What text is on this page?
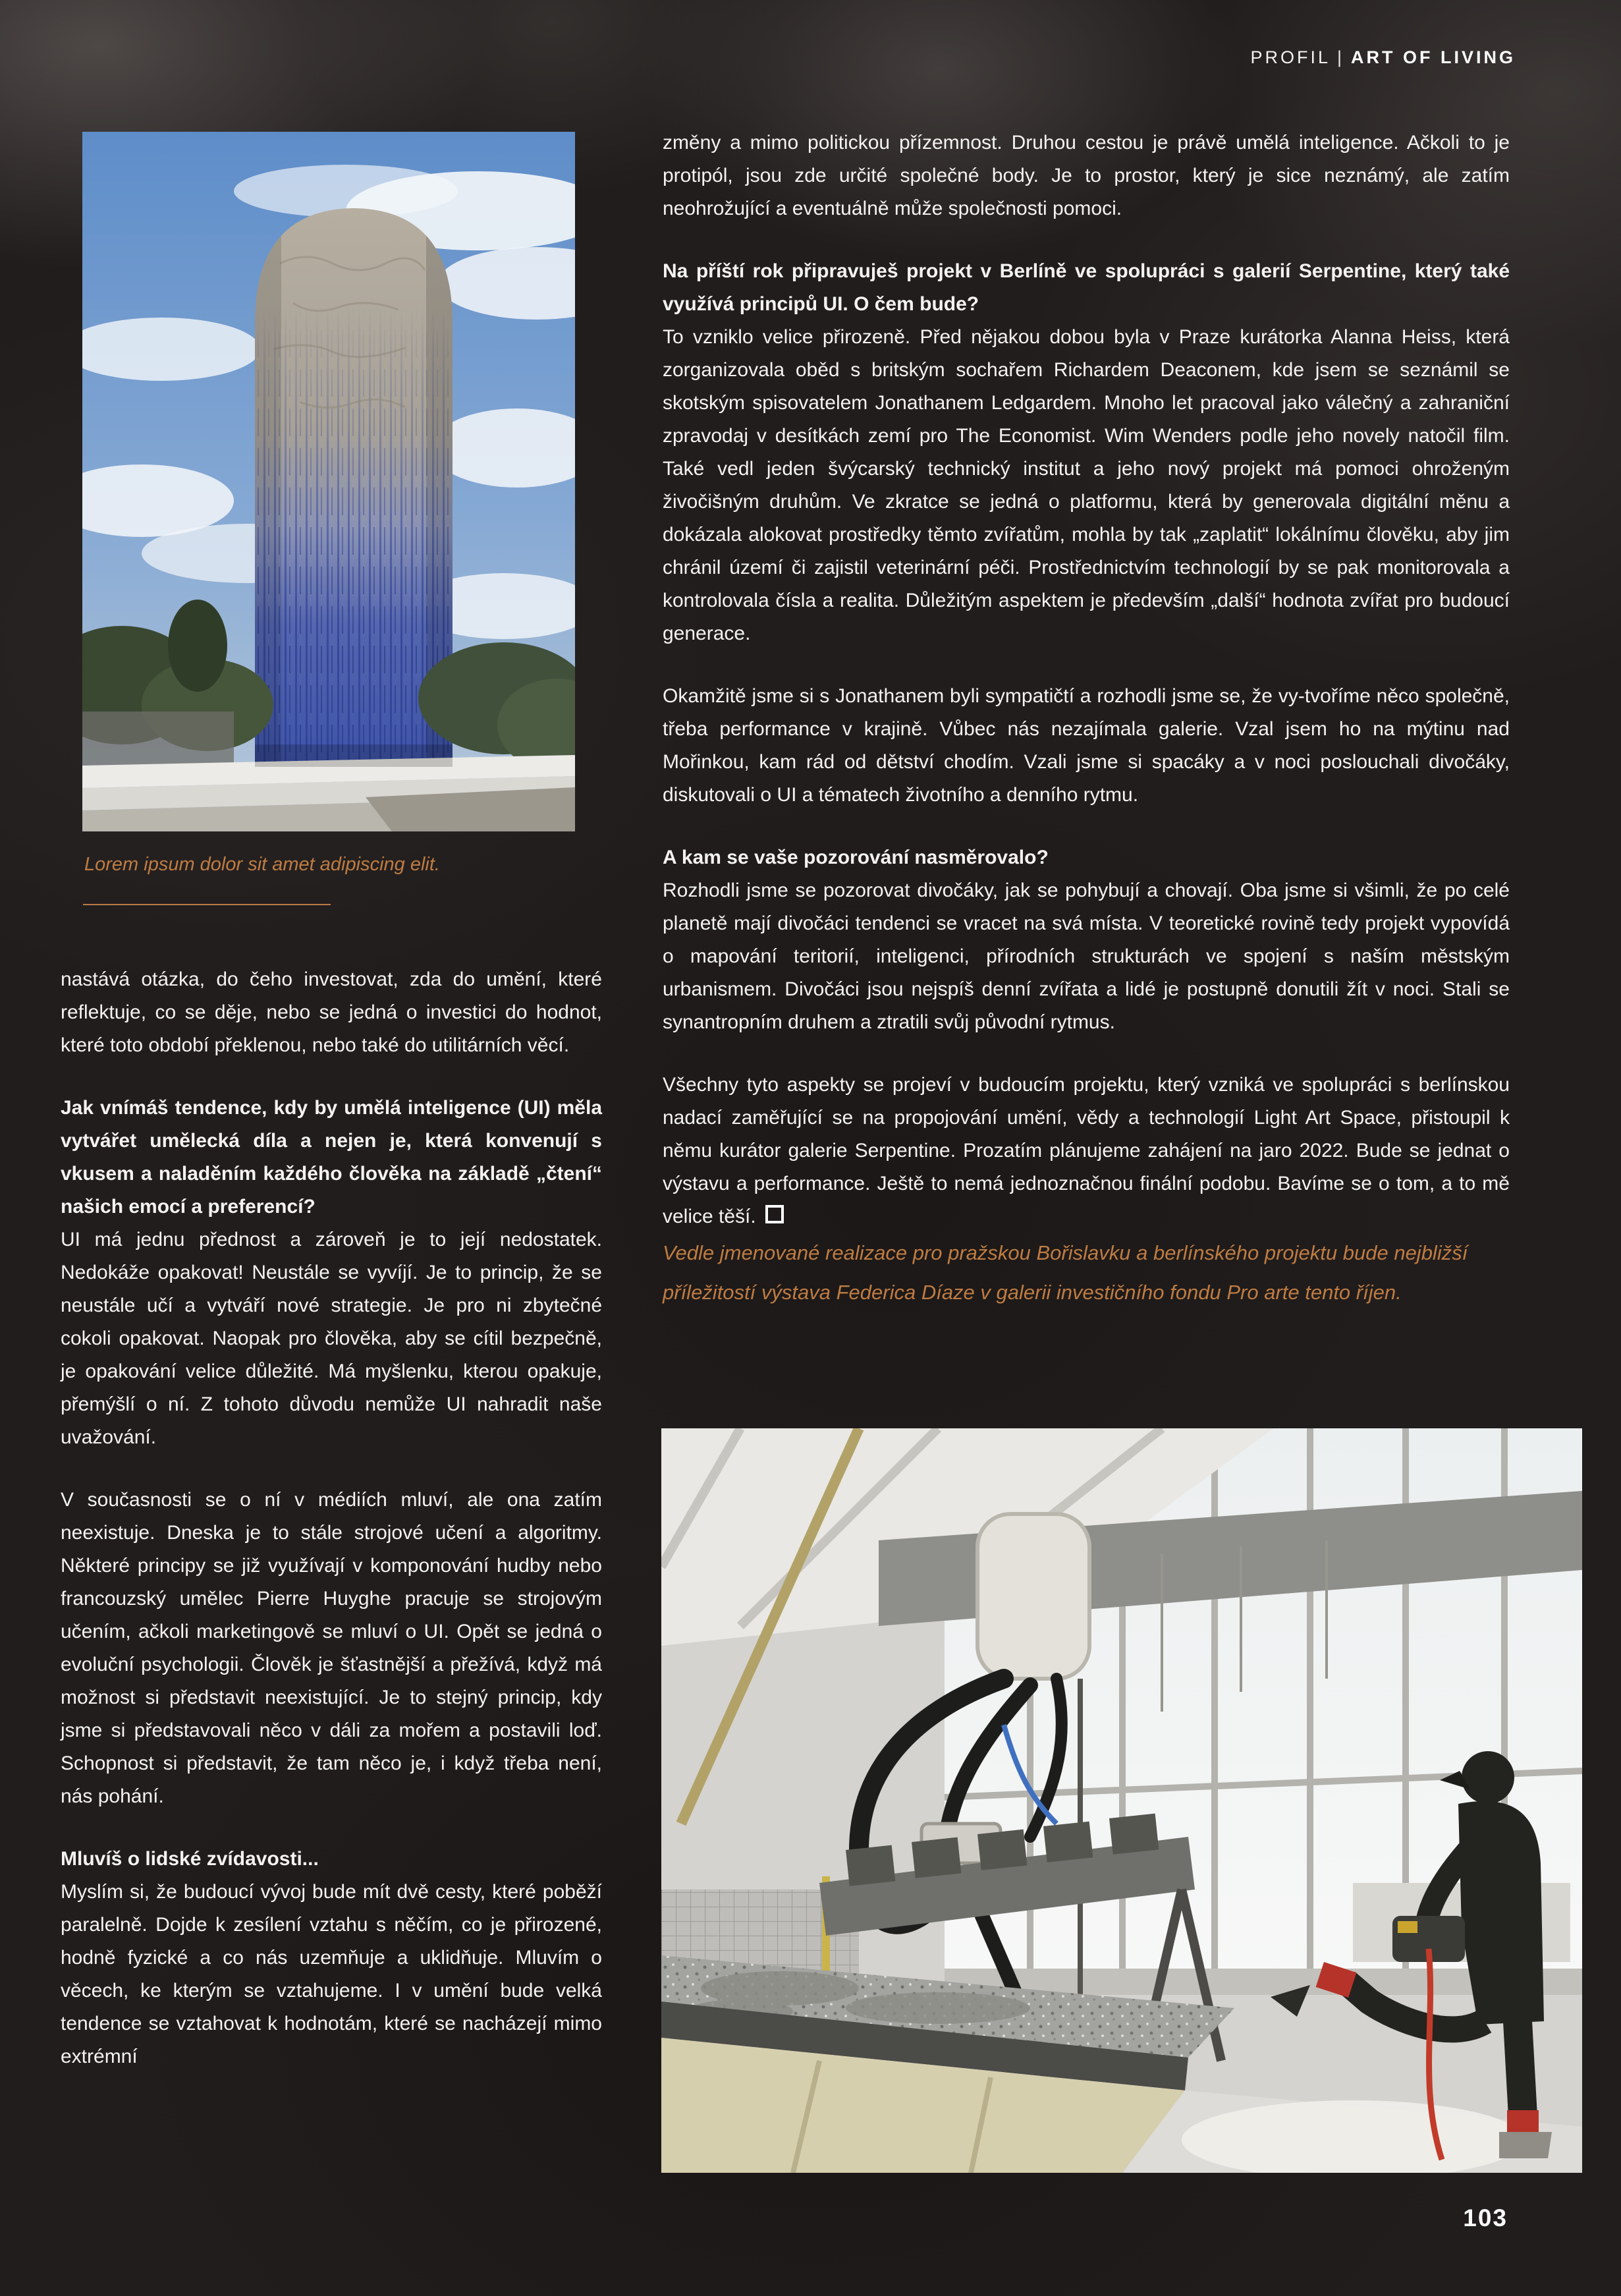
PROFIL | ART OF LIVING
Lorem ipsum dolor sit amet adipiscing elit.

nastává otázka, do čeho investovat, zda do umění, které reflektuje, co se děje, nebo se jedná o investici do hodnot, které toto období překlenou, nebo také do utilitárních věcí.

Jak vnímáš tendence, kdy by umělá inteligence (UI) měla vytvářet umělecká díla a nejen je, která konvenují s vkusem a naladěním každého člověka na základě „čtení“ našich emocí a preferencí?

UI má jednu přednost a zároveň je to její nedostatek. Nedokáže opakovat! Neustále se vyvíjí. Je to princip, že se neustále učí a vytváří nové strategie. Je pro ni zbytečné cokoli opakovat. Naopak pro člověka, aby se cítil bezpečně, je opakování velice důležité. Má myšlenku, kterou opakuje, přemýšlí o ní. Z tohoto důvodu nemůže UI nahradit naše uvažování.

V současnosti se o ní v médiích mluví, ale ona zatím neexistuje. Dneska je to stále strojové učení a algoritmy. Některé principy se již využívají v komponování hudby nebo francouzský umělec Pierre Huyghe pracuje se strojovým učením, ačkoli marketingově se mluví o UI. Opět se jedná o evoluční psychologii. Člověk je šťastnější a přežívá, když má možnost si představit neexistující. Je to stejný princip, kdy jsme si představovali něco v dáli za mořem a postavili loď. Schopnost si představit, že tam něco je, i když třeba není, nás pohání.

Mluvíš o lidské zvídavosti...

Myslím si, že budoucí vývoj bude mít dvě cesty, které poběží paralelně. Dojde k zesílení vztahu s něčím, co je přirozené, hodně fyzické a co nás uzemňuje a uklidňuje. Mluvím o věcech, ke kterým se vztahujeme. I v umění bude velká tendence se vztahovat k hodnotám, které se nacházejí mimo extrémní

změny a mimo politickou přízemnost. Druhou cestou je právě umělá inteligence. Ačkoli to je protipól, jsou zde určité společné body. Je to prostor, který je sice neznámý, ale zatím neohrožující a eventuálně může společnosti pomoci.

Na příští rok připravuješ projekt v Berlíně ve spolupráci s galerií Serpentine, který také využívá principů UI. O čem bude?

To vzniklo velice přirozeně. Před nějakou dobou byla v Praze kurátorka Alanna Heiss, která zorganizovala oběd s britským sochařem Richardem Deaconem, kde jsem se seznámil se skotským spisovatelem Jonathanem Ledgardem. Mnoho let pracoval jako válečný a zahraniční zpravodaj v desítkách zemí pro The Economist. Wim Wenders podle jeho novely natočil film. Také vedl jeden švýcarský technický institut a jeho nový projekt má pomoci ohroženým živočišným druhům. Ve zkratce se jedná o platformu, která by generovala digitální měnu a dokázala alokovat prostředky těmto zvířatům, mohla by tak „zaplatit“ lokálnímu člověku, aby jim chránil území či zajistil veterinární péči. Prostřednictvím technologií by se pak monitorovala a kontrolovala čísla a realita. Důležitým aspektem je především „další“ hodnota zvířat pro budoucí generace.

Okamžitě jsme si s Jonathanem byli sympatičtí a rozhodli jsme se, že vy-tvoříme něco společně, třeba performance v krajině. Vůbec nás nezajímala galerie. Vzal jsem ho na mýtinu nad Mořinkou, kam rád od dětství chodím. Vzali jsme si spacáky a v noci poslouchali divočáky, diskutovali o UI a tématech životního a denního rytmu.

A kam se vaše pozorování nasměrovalo?

Rozhodli jsme se pozorovat divočáky, jak se pohybují a chovají. Oba jsme si všimli, že po celé planetě mají divočáci tendenci se vracet na svá místa. V teoretické rovině tedy projekt vypovídá o mapování teritorií, inteligenci, přírodních strukturách ve spojení s naším městským urbanismem. Divočáci jsou nejspíš denní zvířata a lidé je postupně donutili žít v noci. Stali se synantropním druhem a ztratili svůj původní rytmus.

Všechny tyto aspekty se projeví v budoucím projektu, který vzniká ve spolupráci s berlínskou nadací zaměřující se na propojování umění, vědy a technologií Light Art Space, přistoupil k němu kurátor galerie Serpentine. Prozatím plánujeme zahájení na jaro 2022. Bude se jednat o výstavu a performance. Ještě to nemá jednoznačnou finální podobu. Bavíme se o tom, a to mě velice těší.

Vedle jmenované realizace pro pražskou Bořislavku a berlínského projektu bude nejbližší příležitostí výstava Federica Díaze v galerii investičního fondu Pro arte tento říjen.

103
